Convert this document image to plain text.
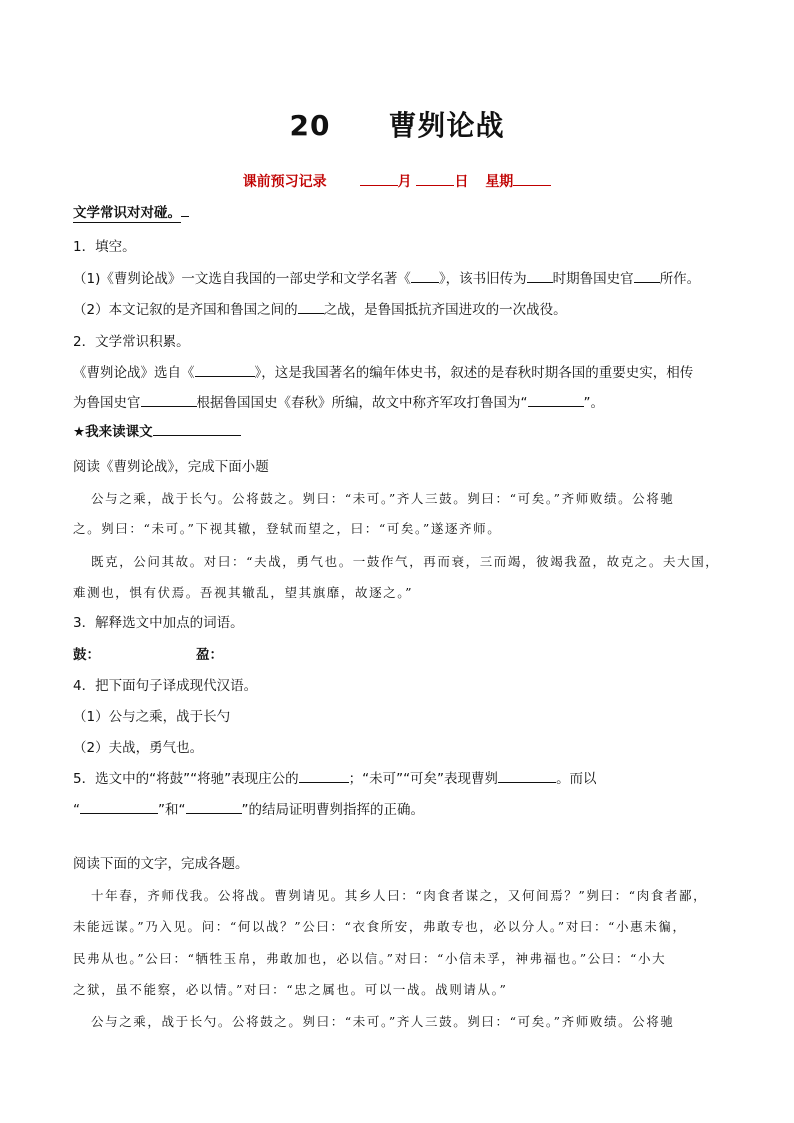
20 曹刿论战
课前预习记录	月	日 星期
文学常识对对碰。
1．填空。
（1)《曹刿论战》一文选自我国的一部史学和文学名著《 》，该书旧传为 时期鲁国史官 所作。
（2）本文记叙的是齐国和鲁国之间的 之战，是鲁国抵抗齐国进攻的一次战役。
2．文学常识积累。
《曹刿论战》选自《	》，这是我国著名的编年体史书，叙述的是春秋时期各国的重要史实，相传
为鲁国史官	根据鲁国国史《春秋》所编，故文中称齐军攻打鲁国为“	”。
★我来读课文
阅读《曹刿论战》，完成下面小题
公与之乘，战于长勺。公将鼓之。刿曰：“未可。”齐人三鼓。刿曰：“可矣。”齐师败绩。公将驰
之。刿曰：“未可。”下视其辙，登轼而望之，曰：“可矣。”遂逐齐师。
既克，公问其故。对曰：“夫战，勇气也。一鼓作气，再而衰，三而竭，彼竭我盈，故克之。夫大国，
难测也，惧有伏焉。吾视其辙乱，望其旗靡，故逐之。”
3．解释选文中加点的词语。
鼓：	盈：
4．把下面句子译成现代汉语。
（1）公与之乘，战于长勺
（2）夫战，勇气也。
5．选文中的“将鼓”“将驰”表现庄公的	；“未可”“可矣”表现曹刿	。而以
“	”和“	”的结局证明曹刿指挥的正确。
阅读下面的文字，完成各题。
十年春，齐师伐我。公将战。曹刿请见。其乡人曰：“肉食者谋之，又何间焉？”刿曰：“肉食者鄙，
未能远谋。”乃入见。问：“何以战？”公曰：“衣食所安，弗敢专也，必以分人。”对曰：“小惠未徧，
民弗从也。”公曰：“牺牲玉帛，弗敢加也，必以信。”对曰：“小信未孚，神弗福也。”公曰：“小大
之狱，虽不能察，必以情。”对曰：“忠之属也。可以一战。战则请从。”
公与之乘，战于长勺。公将鼓之。刿曰：“未可。”齐人三鼓。刿曰：“可矣。”齐师败绩。公将驰
